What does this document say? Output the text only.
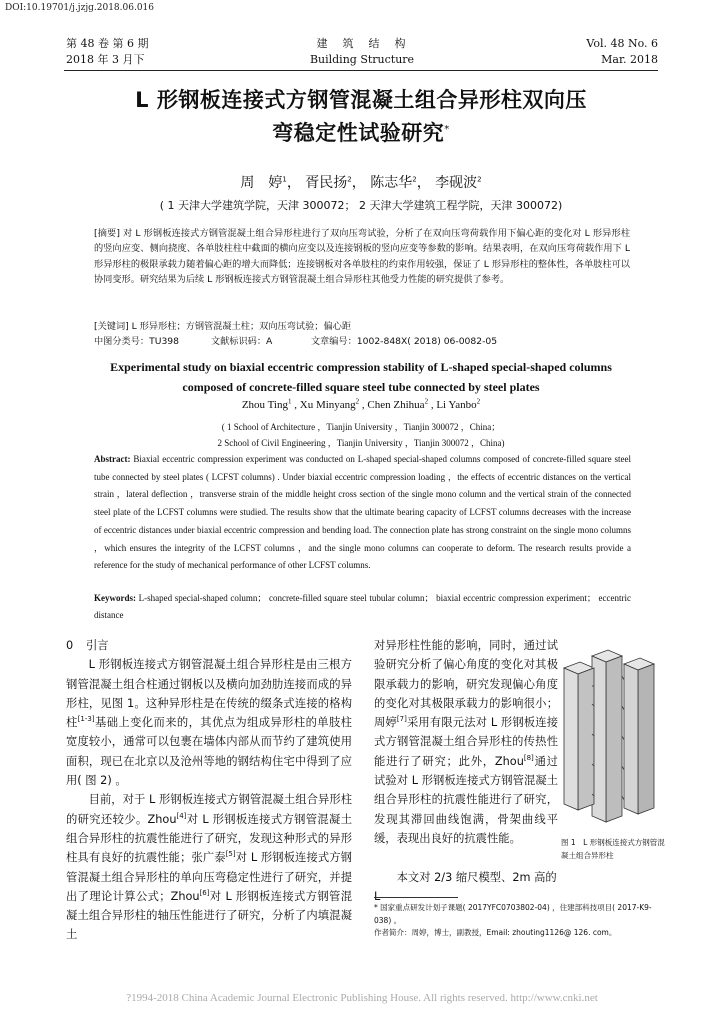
DOI:10.19701/j.jzjg.2018.06.016
第 48 卷 第 6 期
2018 年 3 月下
建　筑　结　构
Building Structure
Vol. 48 No. 6
Mar. 2018
L 形钢板连接式方钢管混凝土组合异形柱双向压
弯稳定性试验研究*
周　婷$^1$， 胥民扬$^2$， 陈志华$^2$， 李砚波$^2$
( 1 天津大学建筑学院，天津 300072； 2 天津大学建筑工程学院，天津 300072)
[摘要] 对 L 形钢板连接式方钢管混凝土组合异形柱进行了双向压弯试验，分析了在双向压弯荷载作用下偏心距的变化对 L 形异形柱的竖向应变、侧向挠度、各单肢柱柱中截面的横向应变以及连接钢板的竖向应变等参数的影响。结果表明，在双向压弯荷载作用下 L 形异形柱的极限承载力随着偏心距的增大而降低；连接钢板对各单肢柱的约束作用较强，保证了 L 形异形柱的整体性，各单肢柱可以协同变形。研究结果为后续 L 形钢板连接式方钢管混凝土组合异形柱其他受力性能的研究提供了参考。
[关键词] L 形异形柱；方钢管混凝土柱；双向压弯试验；偏心距
中图分类号：TU398	文献标识码：A	文章编号：1002-848X( 2018) 06-0082-05
Experimental study on biaxial eccentric compression stability of L-shaped special-shaped columns
composed of concrete-filled square steel tube connected by steel plates
Zhou Ting$^1$ , Xu Minyang$^2$ , Chen Zhihua$^2$ , Li Yanbo$^2$
( 1 School of Architecture ，Tianjin University ，Tianjin 300072 ，China；
2 School of Civil Engineering ，Tianjin University ，Tianjin 300072 ，China)
Abstract: Biaxial eccentric compression experiment was conducted on L-shaped special-shaped columns composed of concrete-filled square steel tube connected by steel plates ( LCFST columns) . Under biaxial eccentric compression loading ，the effects of eccentric distances on the vertical strain ，lateral deflection ，transverse strain of the middle height cross section of the single mono column and the vertical strain of the connected steel plate of the LCFST columns were studied. The results show that the ultimate bearing capacity of LCFST columns decreases with the increase of eccentric distances under biaxial eccentric compression and bending load. The connection plate has strong constraint on the single mono columns ，which ensures the integrity of the LCFST columns ，and the single mono columns can cooperate to deform. The research results provide a reference for the study of mechanical performance of other LCFST columns.
Keywords: L-shaped special-shaped column； concrete-filled square steel tubular column； biaxial eccentric compression experiment； eccentric distance
0 引言

L 形钢板连接式方钢管混凝土组合异形柱是由三根方钢管混凝土组合柱通过钢板以及横向加劲肋连接而成的异形柱，见图 1。这种异形柱是在传统的缀条式连接的格构柱[1-3]基础上变化而来的，其优点为组成异形柱的单肢柱宽度较小，通常可以包裹在墙体内部从而节约了建筑使用面积，现已在北京以及沧州等地的钢结构住宅中得到了应用( 图 2) 。

目前，对于 L 形钢板连接式方钢管混凝土组合异形柱的研究还较少。Zhou[4]对 L 形钢板连接式方钢管混凝土组合异形柱的抗震性能进行了研究，发现这种形式的异形柱具有良好的抗震性能；张广泰[5]对 L 形钢板连接式方钢管混凝土组合异形柱的单向压弯稳定性进行了研究，并提出了理论计算公式；Zhou[6]对 L 形钢板连接式方钢管混凝土组合异形柱的轴压性能进行了研究，分析了内填混凝土

对异形柱性能的影响，同时，通过试验研究分析了偏心角度的变化对其极限承载力的影响，研究发现偏心角度的变化对其极限承载力的影响很小；周婷[7]采用有限元法对 L 形钢板连接式方钢管混凝土组合异形柱的传热性能进行了研究；此外，Zhou[8]通过试验对 L 形钢板连接式方钢管混凝土组合异形柱的抗震性能进行了研究，发现其滞回曲线饱满，骨架曲线平缓，表现出良好的抗震性能。

本文对 2/3 缩尺模型、2m 高的

图 1　L 形钢板连接式方钢管混凝土组合异形柱
* 国家重点研发计划子课题( 2017YFC0703802-04) ，住建部科技项目( 2017-K9-038) 。
作者简介：周婷，博士，副教授，Email: zhouting1126@ 126. com。
?1994-2018 China Academic Journal Electronic Publishing House. All rights reserved. http://www.cnki.net
